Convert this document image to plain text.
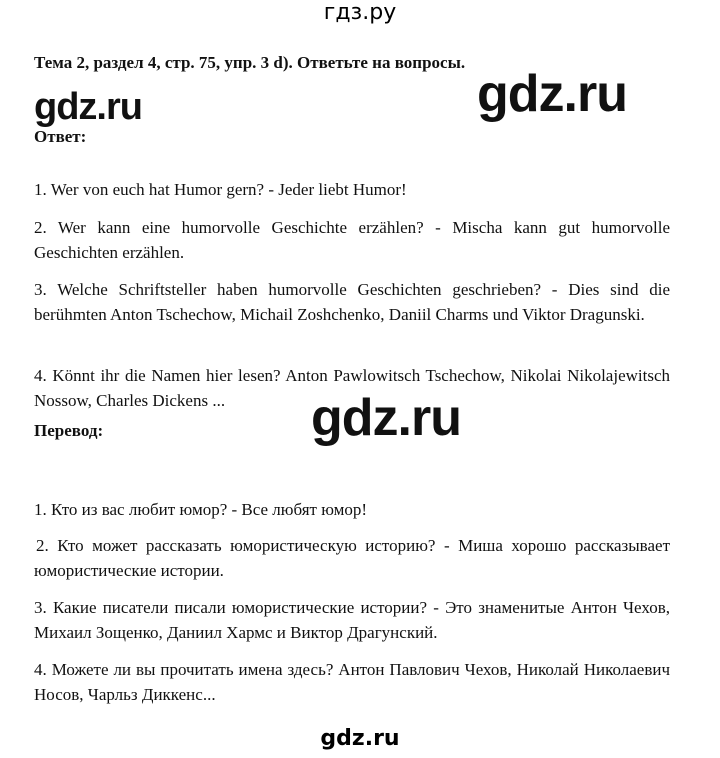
гдз.ру
gdz.ru	gdz.ru
gdz.ru
Тема 2, раздел 4, стр. 75, упр. 3 d). Ответьте на вопросы.
Ответ:

1. Wer von euch hat Humor gern? - Jeder liebt Humor!

2. Wer kann eine humorvolle Geschichte erzählen? - Mischa kann gut humorvolle Geschichten erzählen.

3. Welche Schriftsteller haben humorvolle Geschichten geschrieben? - Dies sind die berühmten Anton Tschechow, Michail Zoshchenko, Daniil Charms und Viktor Dragunski.

4. Könnt ihr die Namen hier lesen? Anton Pawlowitsch Tschechow, Nikolai Nikolajewitsch Nossow, Charles Dickens ...

Перевод:

1. Кто из вас любит юмор? - Все любят юмор!

2. Кто может рассказать юмористическую историю? - Миша хорошо рассказывает юмористические истории.

3. Какие писатели писали юмористические истории? - Это знаменитые Антон Чехов, Михаил Зощенко, Даниил Хармс и Виктор Драгунский.

4. Можете ли вы прочитать имена здесь? Антон Павлович Чехов, Николай Николаевич Носов, Чарльз Диккенс...

gdz.ru
